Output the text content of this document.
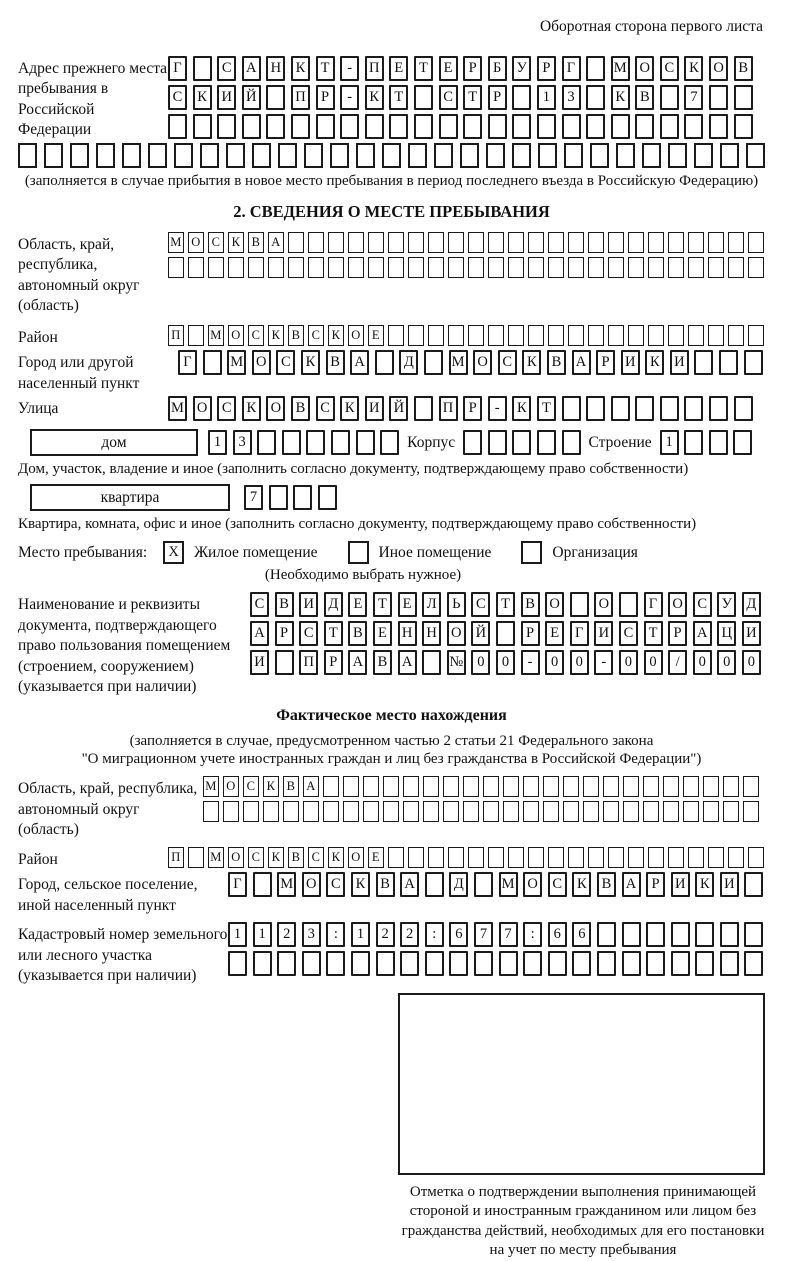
Оборотная сторона первого листа
Адрес прежнего места пребывания в Российской Федерации
Г	С	А Н	К	Т	-	П	Е	Т	Е	Р	Б	У	Р	Г	М О	С	К	О	В
С	К	И Й	П	Р	-	К	Т	С	Т	Р	1	3	К	В	7
(заполняется в случае прибытия в новое место пребывания в период последнего въезда в Российскую Федерацию)
2. СВЕДЕНИЯ О МЕСТЕ ПРЕБЫВАНИЯ
Область, край, республика, автономный округ (область)
М О С К В А
Район	П М О С К В С К О Е
Город или другой населенный пункт
Г	М О	С	К	В	А	Д	М О	С	К	В	А	Р	И	К	И
Улица	М О	С	К	О	В	С	К	И Й	П	Р	-	К	Т
дом	1	3	Корпус	Строение 1
Дом, участок, владение и иное (заполнить согласно документу, подтверждающему право собственности)
квартира	7
Квартира, комната, офис и иное (заполнить согласно документу, подтверждающему право собственности)
Место пребывания:	X Жилое помещение	Иное помещение	Организация
(Необходимо выбрать нужное)
Наименование и реквизиты документа, подтверждающего право пользования помещением (строением, сооружением) (указывается при наличии)
С	В	И Д	Е	Т	Е	Л	Ь	С	Т	В	О	О	Г	О	С	У	Д
А	Р	С	Т	В	Е	Н Н О Й	Р	Е	Г	И	С	Т	Р	А Ц И
И	П	Р	А	В	А	№ 0	0	-	0	0	-	0	0	/	0	0	0
Фактическое место нахождения
(заполняется в случае, предусмотренном частью 2 статьи 21 Федерального закона
"О миграционном учете иностранных граждан и лиц без гражданства в Российской Федерации")
Область, край, республика, автономный округ (область)
М О С К В А
Район	П М О С К В С К О Е
Город, сельское поселение, иной населенный пункт
Г	М О	С	К	В	А	Д	М О	С	К	В	А	Р	И	К	И
Кадастровый номер земельного или лесного участка (указывается при наличии)
1	1	2	3	:	1	2	2	:	6	7	7	:	6	6
Отметка о подтверждении выполнения принимающей стороной и иностранным гражданином или лицом без гражданства действий, необходимых для его постановки на учет по месту пребывания
